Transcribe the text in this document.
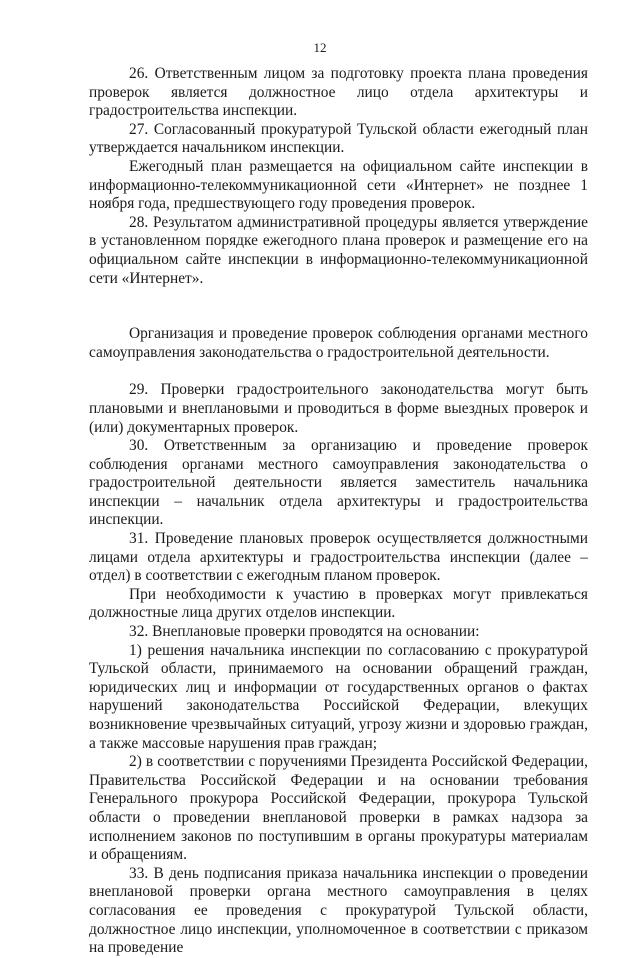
12

26. Ответственным лицом за подготовку проекта плана проведения проверок является должностное лицо отдела архитектуры и градостроительства инспекции.

27. Согласованный прокуратурой Тульской области ежегодный план утверждается начальником инспекции.

Ежегодный план размещается на официальном сайте инспекции в информационно-телекоммуникационной сети «Интернет» не позднее 1 ноября года, предшествующего году проведения проверок.

28. Результатом административной процедуры является утверждение в установленном порядке ежегодного плана проверок и размещение его на официальном сайте инспекции в информационно-телекоммуникационной сети «Интернет».

Организация и проведение проверок соблюдения органами местного самоуправления законодательства о градостроительной деятельности.

29. Проверки градостроительного законодательства могут быть плановыми и внеплановыми и проводиться в форме выездных проверок и (или) документарных проверок.

30. Ответственным за организацию и проведение проверок соблюдения органами местного самоуправления законодательства о градостроительной деятельности является заместитель начальника инспекции – начальник отдела архитектуры и градостроительства инспекции.

31. Проведение плановых проверок осуществляется должностными лицами отдела архитектуры и градостроительства инспекции (далее – отдел) в соответствии с ежегодным планом проверок.

При необходимости к участию в проверках могут привлекаться должностные лица других отделов инспекции.

32. Внеплановые проверки проводятся на основании:

1) решения начальника инспекции по согласованию с прокуратурой Тульской области, принимаемого на основании обращений граждан, юридических лиц и информации от государственных органов о фактах нарушений законодательства Российской Федерации, влекущих возникновение чрезвычайных ситуаций, угрозу жизни и здоровью граждан, а также массовые нарушения прав граждан;

2) в соответствии с поручениями Президента Российской Федерации, Правительства Российской Федерации и на основании требования Генерального прокурора Российской Федерации, прокурора Тульской области о проведении внеплановой проверки в рамках надзора за исполнением законов по поступившим в органы прокуратуры материалам и обращениям.

33. В день подписания приказа начальника инспекции о проведении внеплановой проверки органа местного самоуправления в целях согласования ее проведения с прокуратурой Тульской области, должностное лицо инспекции, уполномоченное в соответствии с приказом на проведение
